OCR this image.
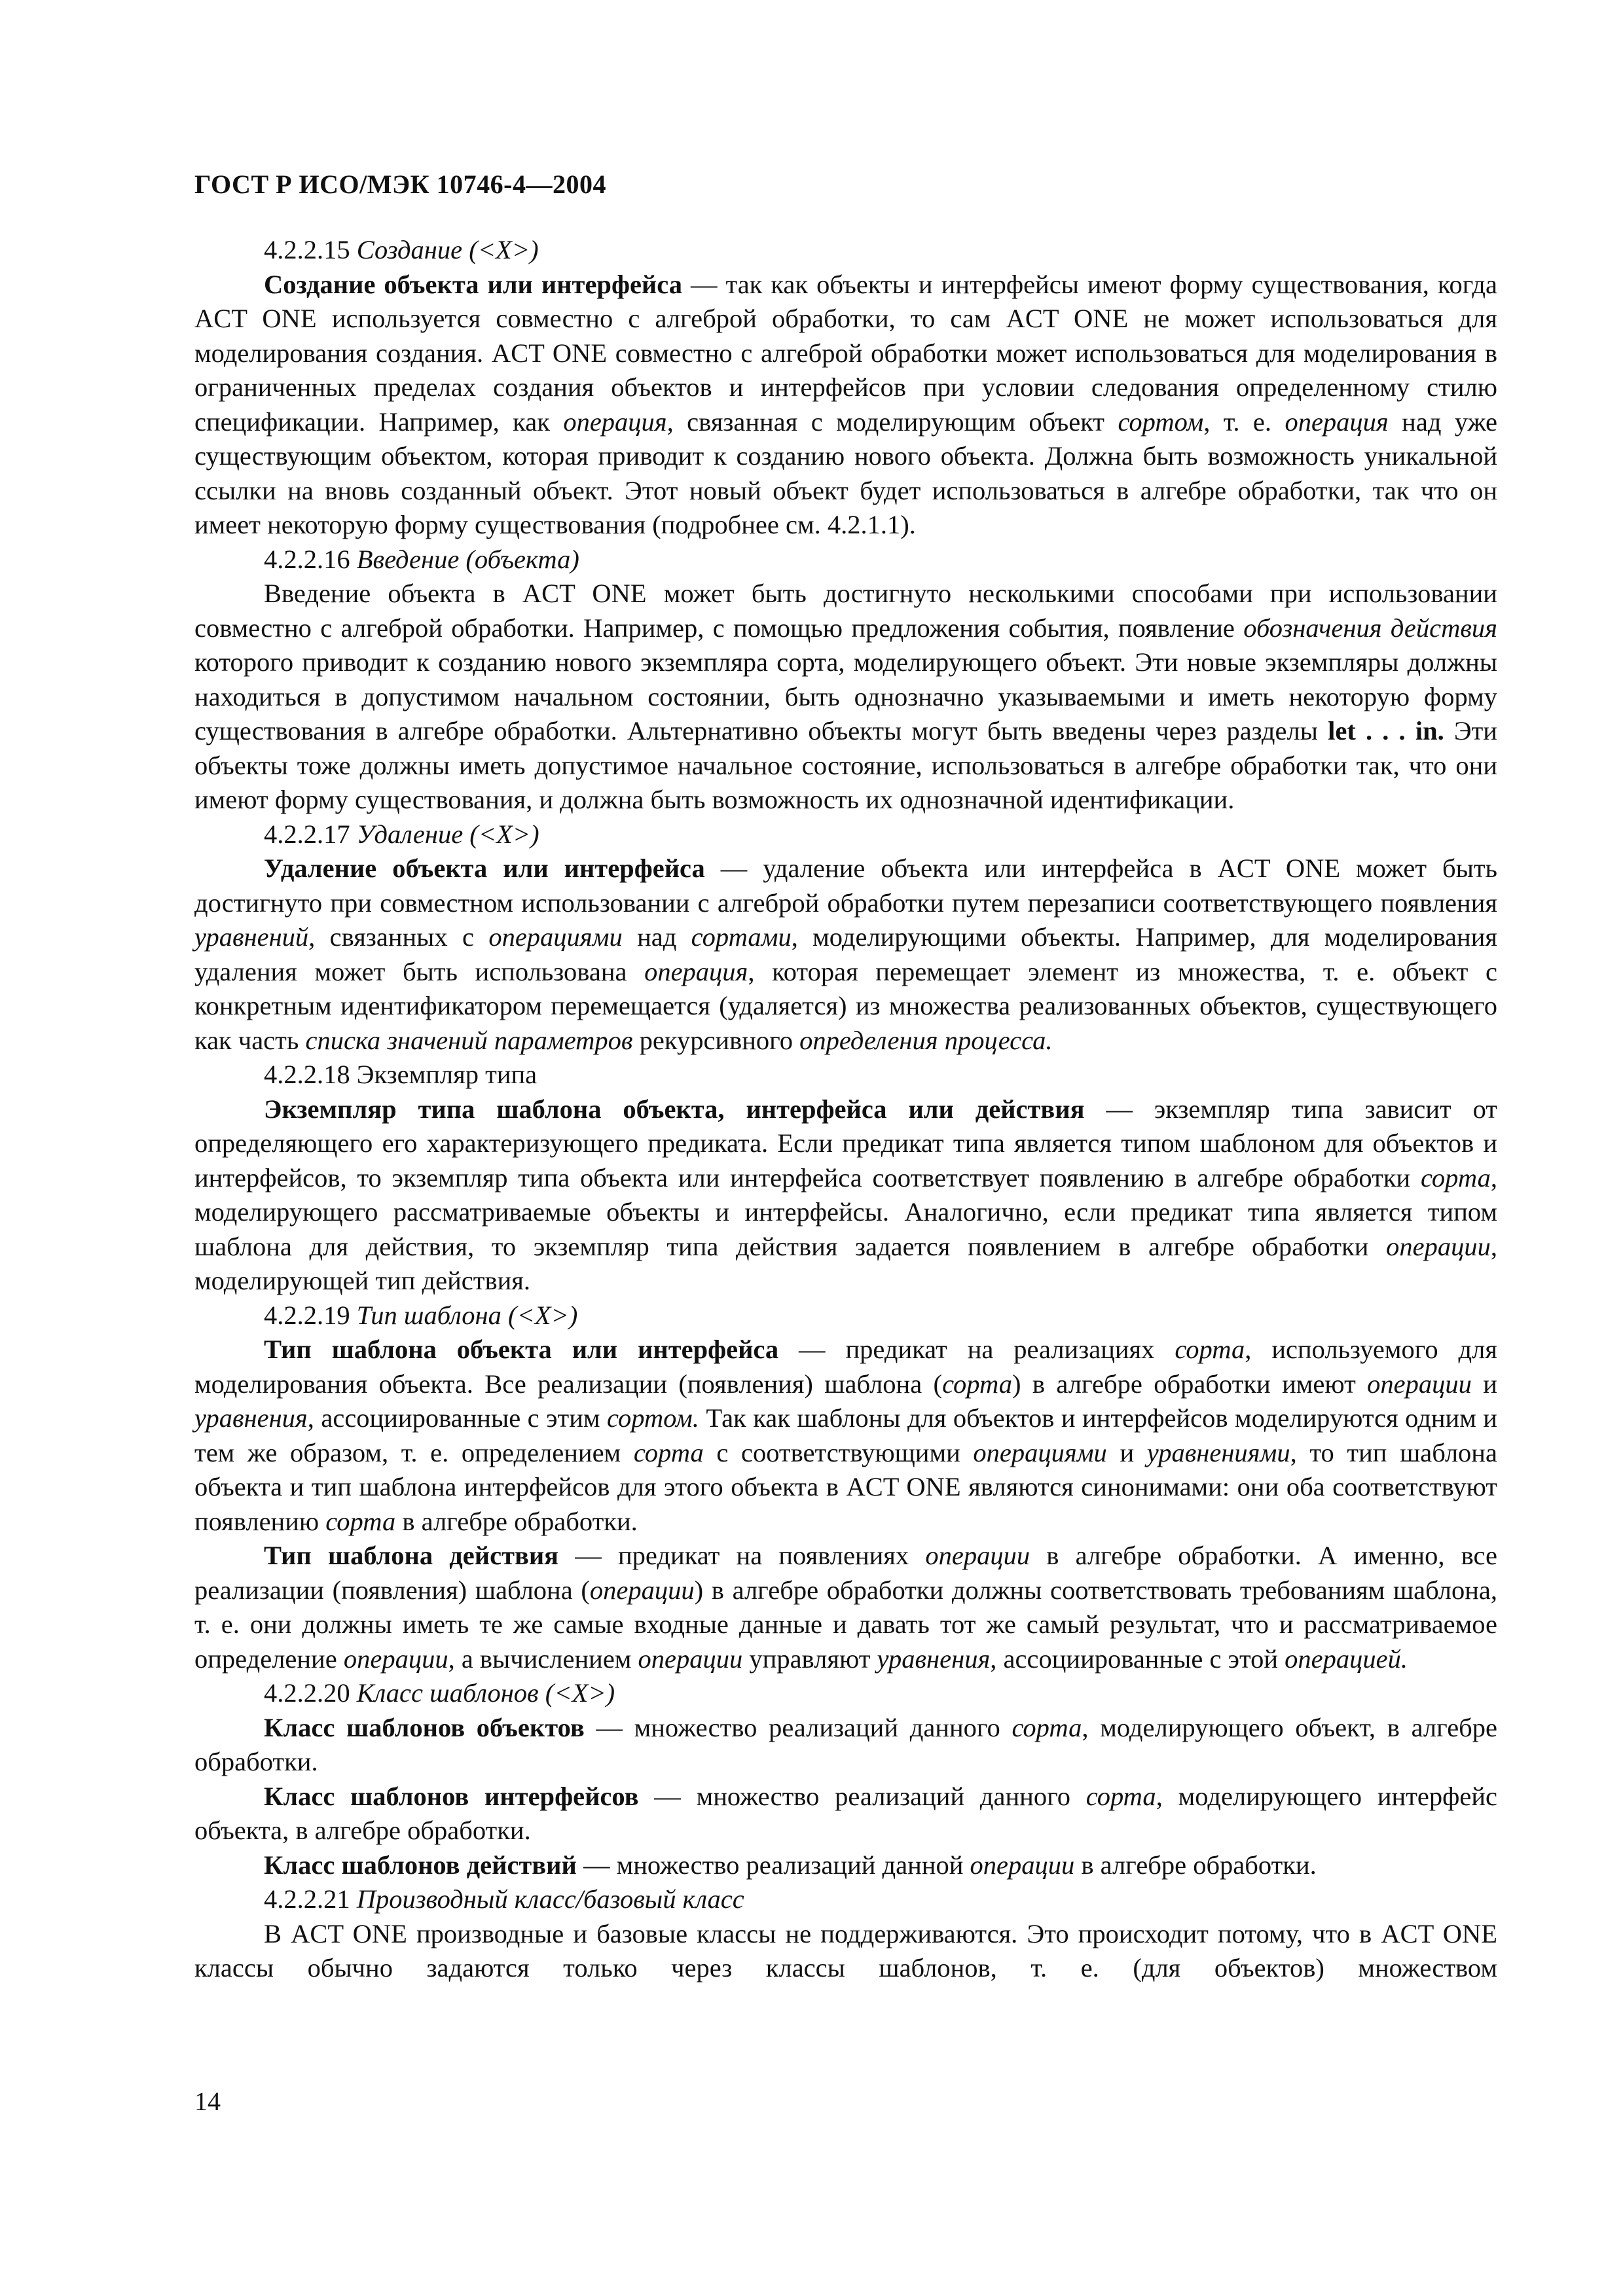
ГОСТ Р ИСО/МЭК 10746-4—2004

4.2.2.15 Создание (<X>)

Создание объекта или интерфейса — так как объекты и интерфейсы имеют форму существования, когда ACT ONE используется совместно с алгеброй обработки, то сам ACT ONE не может использоваться для моделирования создания. ACT ONE совместно с алгеброй обработки может использоваться для моделирования в ограниченных пределах создания объектов и интерфейсов при условии следования определенному стилю спецификации. Например, как операция, связанная с моделирующим объект сортом, т. е. операция над уже существующим объектом, которая приводит к созданию нового объекта. Должна быть возможность уникальной ссылки на вновь созданный объект. Этот новый объект будет использоваться в алгебре обработки, так что он имеет некоторую форму существования (подробнее см. 4.2.1.1).

4.2.2.16 Введение (объекта)

Введение объекта в ACT ONE может быть достигнуто несколькими способами при использовании совместно с алгеброй обработки. Например, с помощью предложения события, появление обозначения действия которого приводит к созданию нового экземпляра сорта, моделирующего объект. Эти новые экземпляры должны находиться в допустимом начальном состоянии, быть однозначно указываемыми и иметь некоторую форму существования в алгебре обработки. Альтернативно объекты могут быть введены через разделы let . . . in. Эти объекты тоже должны иметь допустимое начальное состояние, использоваться в алгебре обработки так, что они имеют форму существования, и должна быть возможность их однозначной идентификации.

4.2.2.17 Удаление (<X>)

Удаление объекта или интерфейса — удаление объекта или интерфейса в ACT ONE может быть достигнуто при совместном использовании с алгеброй обработки путем перезаписи соответствующего появления уравнений, связанных с операциями над сортами, моделирующими объекты. Например, для моделирования удаления может быть использована операция, которая перемещает элемент из множества, т. е. объект с конкретным идентификатором перемещается (удаляется) из множества реализованных объектов, существующего как часть списка значений параметров рекурсивного определения процесса.

4.2.2.18 Экземпляр типа

Экземпляр типа шаблона объекта, интерфейса или действия — экземпляр типа зависит от определяющего его характеризующего предиката. Если предикат типа является типом шаблоном для объектов и интерфейсов, то экземпляр типа объекта или интерфейса соответствует появлению в алгебре обработки сорта, моделирующего рассматриваемые объекты и интерфейсы. Аналогично, если предикат типа является типом шаблона для действия, то экземпляр типа действия задается появлением в алгебре обработки операции, моделирующей тип действия.

4.2.2.19 Тип шаблона (<X>)

Тип шаблона объекта или интерфейса — предикат на реализациях сорта, используемого для моделирования объекта. Все реализации (появления) шаблона (сорта) в алгебре обработки имеют операции и уравнения, ассоциированные с этим сортом. Так как шаблоны для объектов и интерфейсов моделируются одним и тем же образом, т. е. определением сорта с соответствующими операциями и уравнениями, то тип шаблона объекта и тип шаблона интерфейсов для этого объекта в ACT ONE являются синонимами: они оба соответствуют появлению сорта в алгебре обработки.

Тип шаблона действия — предикат на появлениях операции в алгебре обработки. А именно, все реализации (появления) шаблона (операции) в алгебре обработки должны соответствовать требованиям шаблона, т. е. они должны иметь те же самые входные данные и давать тот же самый результат, что и рассматриваемое определение операции, а вычислением операции управляют уравнения, ассоциированные с этой операцией.

4.2.2.20 Класс шаблонов (<X>)

Класс шаблонов объектов — множество реализаций данного сорта, моделирующего объект, в алгебре обработки.

Класс шаблонов интерфейсов — множество реализаций данного сорта, моделирующего интерфейс объекта, в алгебре обработки.

Класс шаблонов действий — множество реализаций данной операции в алгебре обработки.

4.2.2.21 Производный класс/базовый класс

В ACT ONE производные и базовые классы не поддерживаются. Это происходит потому, что в ACT ONE классы обычно задаются только через классы шаблонов, т. е. (для объектов) множеством

14
